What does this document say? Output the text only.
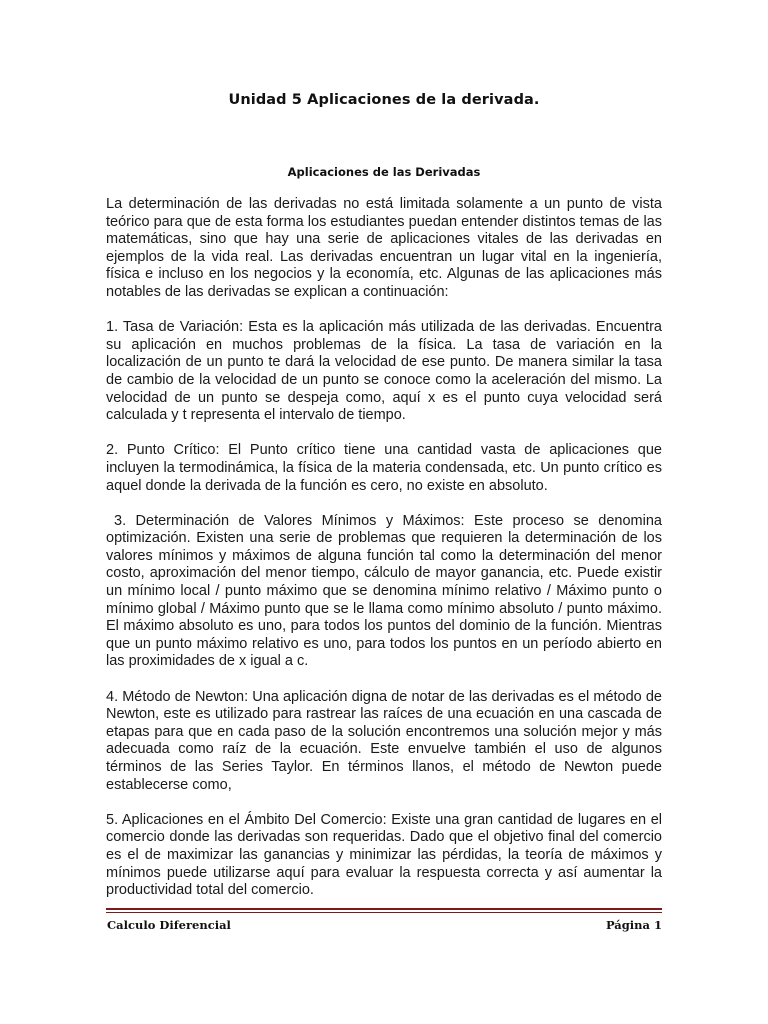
Unidad 5 Aplicaciones de la derivada.
Aplicaciones de las Derivadas

La determinación de las derivadas no está limitada solamente a un punto de vista teórico para que de esta forma los estudiantes puedan entender distintos temas de las matemáticas, sino que hay una serie de aplicaciones vitales de las derivadas en ejemplos de la vida real. Las derivadas encuentran un lugar vital en la ingeniería, física e incluso en los negocios y la economía, etc. Algunas de las aplicaciones más notables de las derivadas se explican a continuación:

1. Tasa de Variación: Esta es la aplicación más utilizada de las derivadas. Encuentra su aplicación en muchos problemas de la física. La tasa de variación en la localización de un punto te dará la velocidad de ese punto. De manera similar la tasa de cambio de la velocidad de un punto se conoce como la aceleración del mismo. La velocidad de un punto se despeja como, aquí x es el punto cuya velocidad será calculada y t representa el intervalo de tiempo.

2. Punto Crítico: El Punto crítico tiene una cantidad vasta de aplicaciones que incluyen la termodinámica, la física de la materia condensada, etc. Un punto crítico es aquel donde la derivada de la función es cero, no existe en absoluto.

3. Determinación de Valores Mínimos y Máximos: Este proceso se denomina optimización. Existen una serie de problemas que requieren la determinación de los valores mínimos y máximos de alguna función tal como la determinación del menor costo, aproximación del menor tiempo, cálculo de mayor ganancia, etc. Puede existir un mínimo local / punto máximo que se denomina mínimo relativo / Máximo punto o mínimo global / Máximo punto que se le llama como mínimo absoluto / punto máximo. El máximo absoluto es uno, para todos los puntos del dominio de la función. Mientras que un punto máximo relativo es uno, para todos los puntos en un período abierto en las proximidades de x igual a c.

4. Método de Newton: Una aplicación digna de notar de las derivadas es el método de Newton, este es utilizado para rastrear las raíces de una ecuación en una cascada de etapas para que en cada paso de la solución encontremos una solución mejor y más adecuada como raíz de la ecuación. Este envuelve también el uso de algunos términos de las Series Taylor. En términos llanos, el método de Newton puede establecerse como,

5. Aplicaciones en el Ámbito Del Comercio: Existe una gran cantidad de lugares en el comercio donde las derivadas son requeridas. Dado que el objetivo final del comercio es el de maximizar las ganancias y minimizar las pérdidas, la teoría de máximos y mínimos puede utilizarse aquí para evaluar la respuesta correcta y así aumentar la productividad total del comercio.

Calculo Diferencial	Página 1
